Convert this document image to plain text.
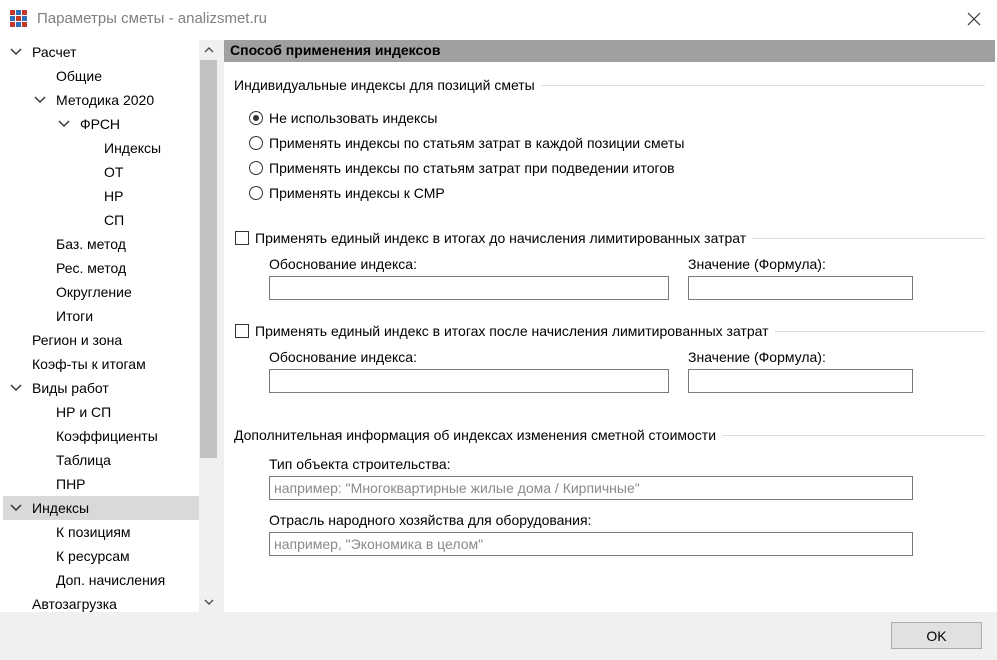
Параметры сметы - analizsmet.ru
Расчет
Общие
Методика 2020
ФРСН
Индексы
ОТ
НР
СП
Баз. метод
Рес. метод
Округление
Итоги
Регион и зона
Коэф-ты к итогам
Виды работ
НР и СП
Коэффициенты
Таблица
ПНР
Индексы
К позициям
К ресурсам
Доп. начисления
Автозагрузка
Способ применения индексов
Индивидуальные индексы для позиций сметы
Не использовать индексы
Применять индексы по статьям затрат в каждой позиции сметы
Применять индексы по статьям затрат при подведении итогов
Применять индексы к СМР
Применять единый индекс в итогах до начисления лимитированных затрат
Обоснование индекса:	Значение (Формула):
Применять единый индекс в итогах после начисления лимитированных затрат
Обоснование индекса:	Значение (Формула):
Дополнительная информация об индексах изменения сметной стоимости
Тип объекта строительства:
например: "Многоквартирные жилые дома / Кирпичные"
Отрасль народного хозяйства для оборудования:
например, "Экономика в целом"
OK
